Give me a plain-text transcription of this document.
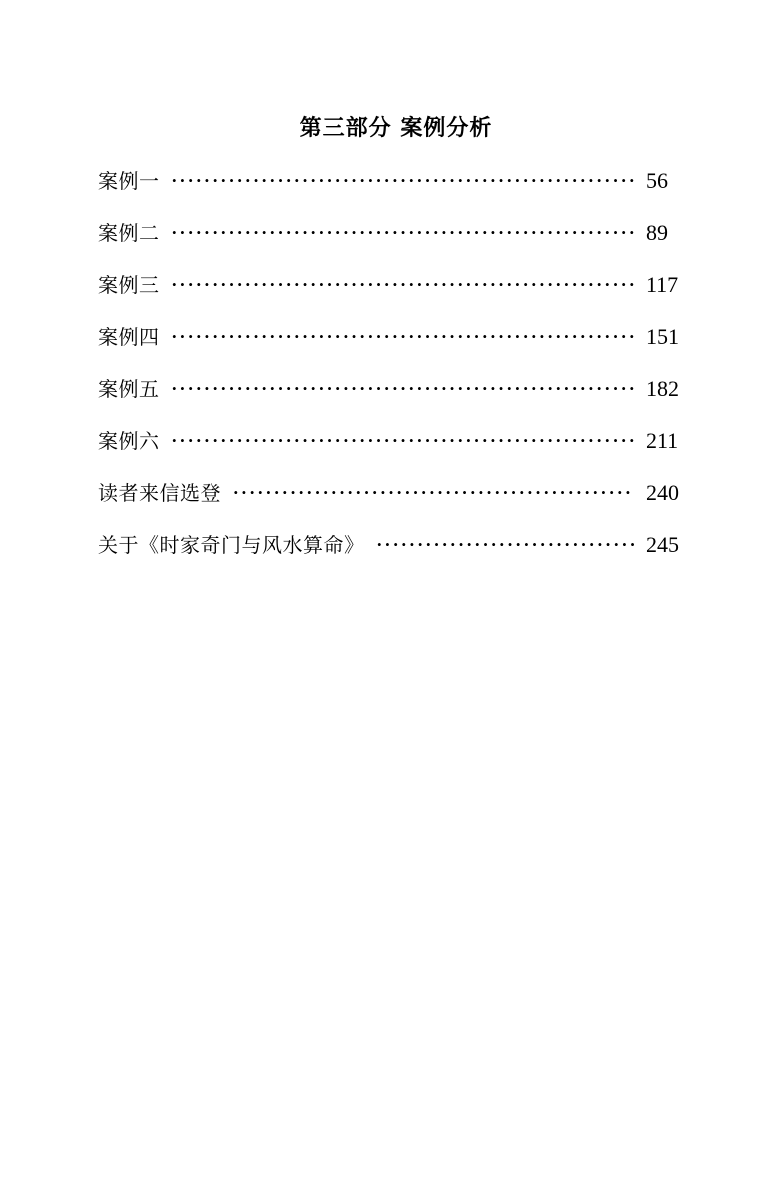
第三部分 案例分析
案例一 ·····	56
案例二 ·····	89
案例三 ·····	117
案例四 ·····	151
案例五 ·····	182
案例六 ·····	211
读者来信选登 ·····	240
关于《时家奇门与风水算命》 ·····	245
